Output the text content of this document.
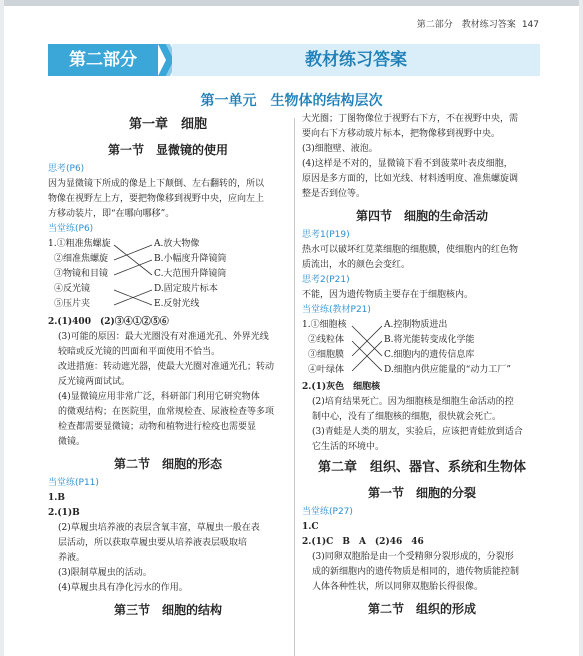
第二部分　教材练习答案 147
第二部分	教材练习答案
第一单元　生物体的结构层次
第一章　细胞
第一节　显微镜的使用
思考(P6)
因为显微镜下所成的像是上下颠倒、左右翻转的，所以
物像在视野左上方，要把物像移到视野中央，应向左上
方移动装片，即“在哪向哪移”。
当堂练(P6)
1.①粗准焦螺旋
②细准焦螺旋
③物镜和目镜
④反光镜
⑤压片夹
A.放大物像
B.小幅度升降镜筒
C.大范围升降镜筒
D.固定玻片标本
E.反射光线
2.(1)400　(2)③④①②⑤⑥
(3)可能的原因：最大光圈没有对准通光孔、外界光线
较暗或反光镜的凹面和平面使用不恰当。
改进措施：转动遮光器，使最大光圈对准通光孔；转动
反光镜两面试试。
(4)显微镜应用非常广泛，科研部门利用它研究物体
的微观结构；在医院里，血常规检查、尿液检查等多项
检查都需要显微镜；动物和植物进行检疫也需要显
微镜。
第二节　细胞的形态
当堂练(P11)
1.B
2.(1)B
(2)草履虫培养液的表层含氧丰富，草履虫一般在表
层活动，所以获取草履虫要从培养液表层吸取培
养液。
(3)限制草履虫的活动。
(4)草履虫具有净化污水的作用。
第三节　细胞的结构
大光圈；丁图物像位于视野右下方，不在视野中央，需
要向右下方移动玻片标本，把物像移到视野中央。
(3)细胞壁、液泡。
(4)这样是不对的，显微镜下看不到菠菜叶表皮细胞，
原因是多方面的，比如光线、材料透明度、准焦螺旋调
整是否到位等。
第四节　细胞的生命活动
思考1(P19)
热水可以破坏红苋菜细胞的细胞膜，使细胞内的红色物
质流出，水的颜色会变红。
思考2(P21)
不能，因为遗传物质主要存在于细胞核内。
当堂练(教材P21)
1.①细胞核
②线粒体
③细胞膜
④叶绿体
A.控制物质进出
B.将光能转变成化学能
C.细胞内的遗传信息库
D.细胞内供应能量的“动力工厂”
2.(1)灰色　细胞核
(2)培育结果死亡。因为细胞核是细胞生命活动的控
制中心，没有了细胞核的细胞，很快就会死亡。
(3)青蛙是人类的朋友，实验后，应该把青蛙放到适合
它生活的环境中。
第二章　组织、器官、系统和生物体
第一节　细胞的分裂
当堂练(P27)
1.C
2.(1)C　B　A　(2)46　46
(3)同卵双胞胎是由一个受精卵分裂形成的，分裂形
成的新细胞内的遗传物质是相同的，遗传物质能控制
人体各种性状，所以同卵双胞胎长得很像。
第二节　组织的形成
